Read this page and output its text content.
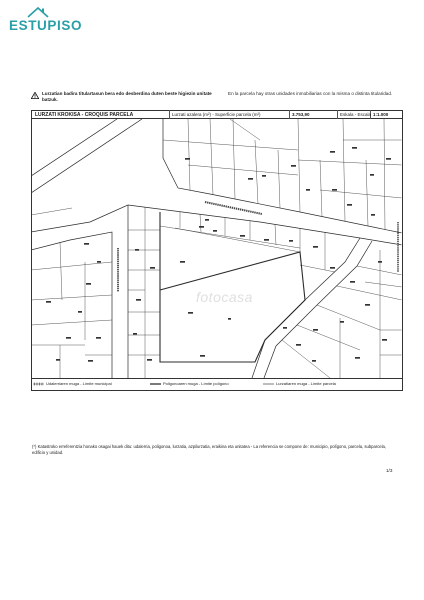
ESTUPISO
Lurzatian badira titulartasun bera edo desberdina duten beste higiezin unitate batzuk.
En la parcela hay otras unidades inmobiliarias con la misma o distinta titularidad.
LURZATI KROKISA - CROQUIS PARCELA	Lurzati azalera (m²) - Superficie parcela (m²)	3.753,90	Eskala - Escala 1:1.000
fotocasa
Udalerriaren muga - Límite municipal	Poligonoaren muga - Límite polígono	Lurzatiaren muga - Límite parcela
(*) Katastroko erreferentzia honako osagai hauek ditu: udalerria, poligonoa, lurzatia, azpilurzatia, eraikina eta unitatea - La referencia se compone de: municipio, polígono, parcela, subparcela, edificio y unidad.
1/3
